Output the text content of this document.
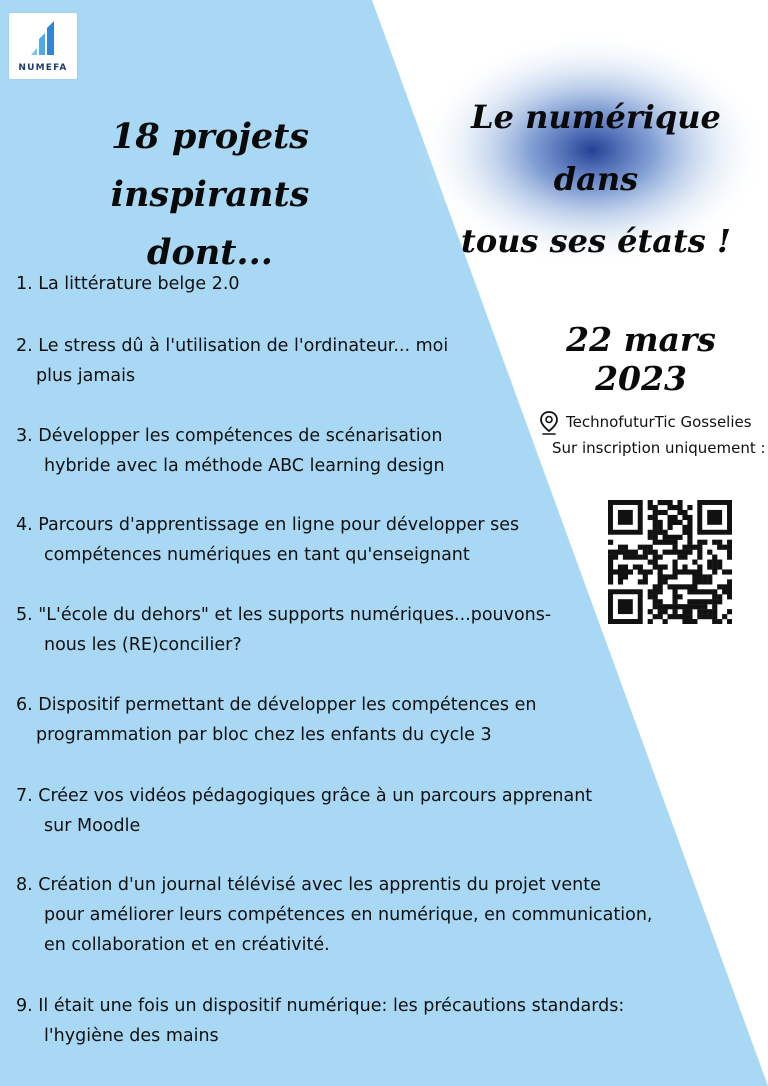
NUMEFA
18 projets inspirants
dont...
Le numérique dans
tous ses états !
22 mars 2023
TechnofuturTic Gosselies
Sur inscription uniquement :
1. La littérature belge 2.0
2. Le stress dû à l'utilisation de l'ordinateur... moi
plus jamais
3. Développer les compétences de scénarisation
hybride avec la méthode ABC learning design
4. Parcours d'apprentissage en ligne pour développer ses
compétences numériques en tant qu'enseignant
5. "L'école du dehors" et les supports numériques...pouvons-
nous les (RE)concilier?
6. Dispositif permettant de développer les compétences en
programmation par bloc chez les enfants du cycle 3
7. Créez vos vidéos pédagogiques grâce à un parcours apprenant
sur Moodle
8. Création d'un journal télévisé avec les apprentis du projet vente
pour améliorer leurs compétences en numérique, en communication,
en collaboration et en créativité.
9. Il était une fois un dispositif numérique: les précautions standards:
l'hygiène des mains
